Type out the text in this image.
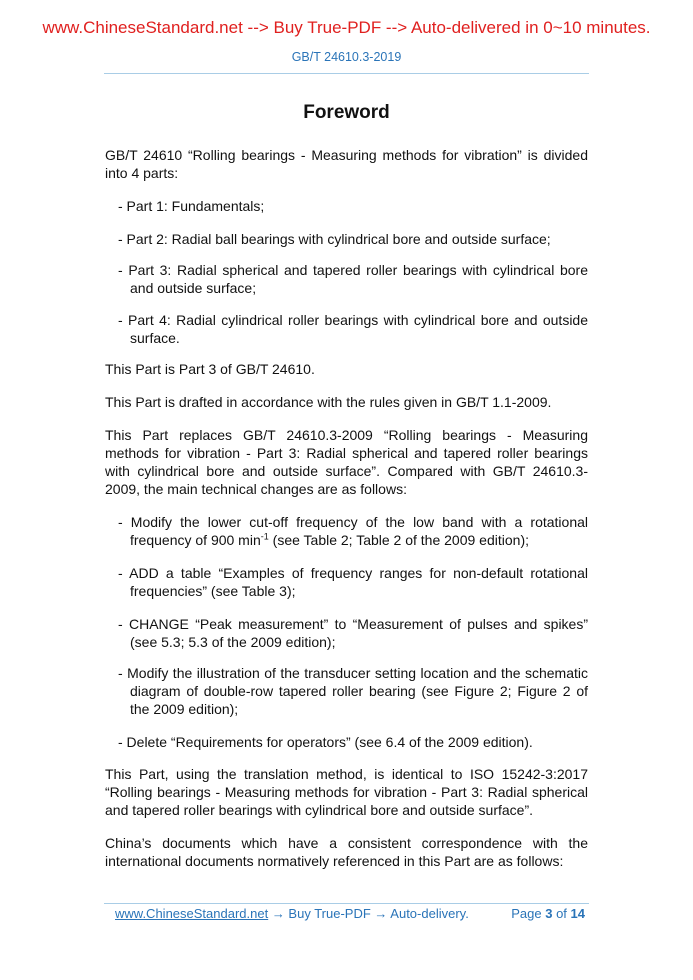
www.ChineseStandard.net --> Buy True-PDF --> Auto-delivered in 0~10 minutes.
GB/T 24610.3-2019
Foreword
GB/T 24610 “Rolling bearings - Measuring methods for vibration” is divided into 4 parts:
- Part 1: Fundamentals;
- Part 2: Radial ball bearings with cylindrical bore and outside surface;
- Part 3: Radial spherical and tapered roller bearings with cylindrical bore and outside surface;
- Part 4: Radial cylindrical roller bearings with cylindrical bore and outside surface.
This Part is Part 3 of GB/T 24610.
This Part is drafted in accordance with the rules given in GB/T 1.1-2009.
This Part replaces GB/T 24610.3-2009 “Rolling bearings - Measuring methods for vibration - Part 3: Radial spherical and tapered roller bearings with cylindrical bore and outside surface”. Compared with GB/T 24610.3-2009, the main technical changes are as follows:
- Modify the lower cut-off frequency of the low band with a rotational frequency of 900 $\min^{-1} (see$ Table 2; Table 2 of the 2009 edition);
- ADD a table “Examples of frequency ranges for non-default rotational frequencies” (see Table 3);
- CHANGE “Peak measurement” to “Measurement of pulses and spikes” (see 5.3; 5.3 of the 2009 edition);
- Modify the illustration of the transducer setting location and the schematic diagram of double-row tapered roller bearing (see Figure 2; Figure 2 of the 2009 edition);
- Delete “Requirements for operators” (see 6.4 of the 2009 edition).
This Part, using the translation method, is identical to ISO 15242-3:2017 “Rolling bearings - Measuring methods for vibration - Part 3: Radial spherical and tapered roller bearings with cylindrical bore and outside surface”.
China’s documents which have a consistent correspondence with the international documents normatively referenced in this Part are as follows:
www.ChineseStandard.net → Buy True-PDF → Auto-delivery.	Page 3 of 14
